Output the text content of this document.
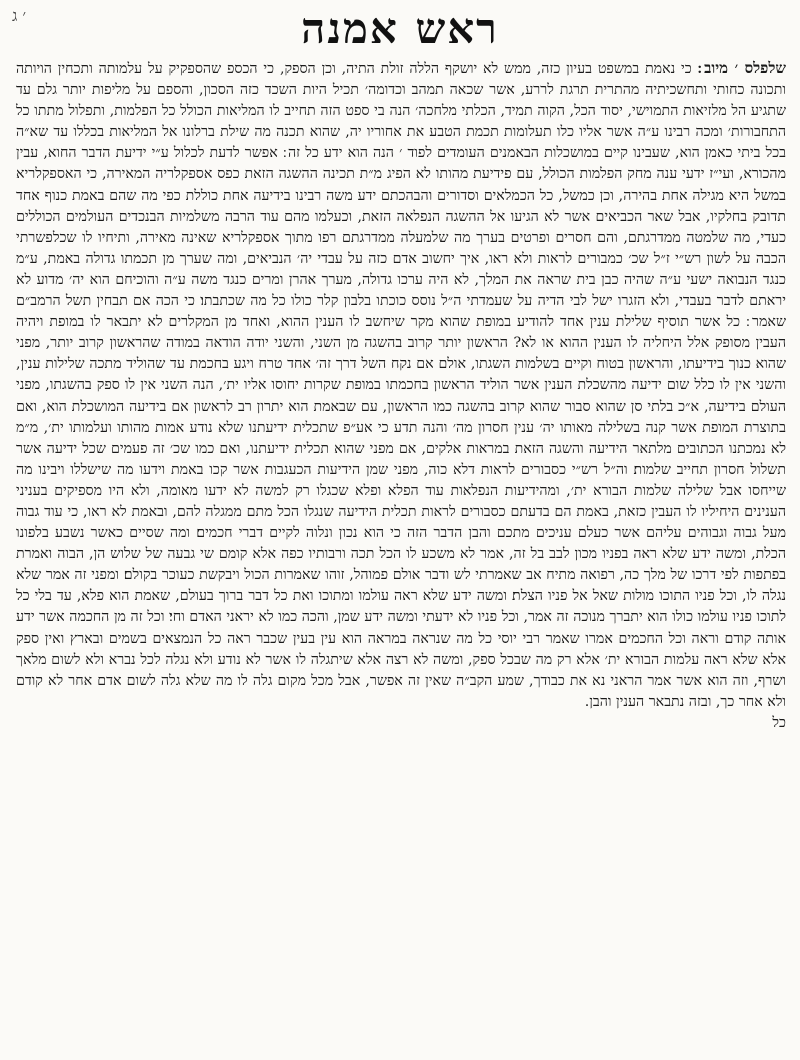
׳ ג	ראש אמנה
שלפלס ׳ מיוב ׃ כי נאמת במשפט בעיון כזה, ממש לא יושקף הללה זולת התיה, וכן הספק, כי הכספ שהספקיק על עלמותה ותכחין הויותה ותכונה כחותי ותחשכיתיה מהתרית תרגת לררע, אשר שכאה תמהב וכדומה׳ תכיל היות השכד כזה הסכון, והספם על מליפות יותר גלם עד שתגיע הל מלזיאות התמוישי, יסוד הכל, הקוה תמיד, הכלתי מלחכה׳ הנה בי ספט הזה תחייב לו המליאות הכולל כל הפלמות, ותפלול מתתו כל התחבורות׳ ומכה רבינו ע״ה אשר אליו כלו תעלומות תכמת הטבע את אחוריו יה, שהוא תכנה מה שילת ברלונו אל המליאות בכללו עד שא״ה בכל ביתי כאמן הוא, שעבינו קיים במושכלות הבאמנים העומדים לפוד ׳ הנה הוא ידע כל זה ׃ אפשר לדעת לכלול ע״י ידיעת הדבר החוא, עבין מהכורא, ועי״ז ידעי ענה מחק הפלמות הכולל, עם פידיעת מהותו לא הפיג מ״ת תכינה ההשגה הזאת כפס אספקלריה המאירה, כי האספקלריא במשל היא מגילה אחת בהירה, וכן כמשל, כל הכמלאים וסדורים והבהכתם ידע משה רבינו בידיעה אחת כוללת כפי מה שהם באמת כנוף אחד תדובק בחלקיו, אבל שאר הכביאים אשר לא הגיעו אל ההשגה הנפלאה הזאת, וכעלמו מהם עוד הרבה משלמיות הבנכדים העולמים הכוללים כעדי, מה שלמטה ממדרגתם, והם חסרים ופרטים בערך מה שלמעלה ממדרגתם רפו מתוך אספקלריא שאינה מאירה, ותיחיו לו שכלפשרתי הכבה על לשון רש״י ז״ל שכ׳ כמבורים לראות ולא ראו, איך יחשוב אדם כזה על עבדי יה׳ הנביאים, ומה שערך מן תכמתו גדולה באמת, ע״מ כנגד הנבואה ישעי ע״ה שהיה כבן בית שראה את המלך, לא היה ערכו גדולה, מערך אהרן ומרים כנגד משה ע״ה והוכיחם הוא יה׳ מדוע לא יראתם לדבר בעבדי, ולא הזגרו ישל לבי הדיה על שעמדתי ה״ל נוסס כוכתו בלבון קלר כולו כל מה שכתבתו׃ כי הכה אם תבחין תשל הרמב״ם שאמר ׃ כל אשר תוסיף שלילת ענין אחד להודיע במופת שהוא מקר שיחשב לו הענין ההוא, ואחד מן המקלרים לא יתבאר לו במופת ויהיה העבין מסופק אלל היחליה לו הענין ההוא או לא? הראשון יותר קרוב בהשגה מן השני, והשני יודה הודאה במודה שהראשון קרוב יותר, מפני שהוא כנוך בידיעתו, והראשון בטוח וקיים בשלמות השגתו, אולם אם נקח השל דרך זה׳ אחד טרח ויגע בחכמת עד שהוליד מתכה שלילות ענין, והשני אין לו כלל שום ידיעה מהשכלת הענין אשר הוליד הראשון בחכמתו במופת שקרות יחוסו אליו ית׳, הנה השני אין לו ספק בהשגתו, מפני העולם בידיעה, א״כ בלתי סן שהוא סבור שהוא קרוב בהשגה כמו הראשון, עם שבאמת הוא יתרון רב לראשון אם בידיעה המושכלת הוא, ואם בתוצרת המופת אשר קנה בשלילה מאותו יה׳ ענין חסרון מה׳ והנה תדע כי אע״פ שתכלית ידיעתנו שלא נודע אמות מהותו ועלמותו ית׳, מ״מ לא נמכתנו הכתובים מלתאר הידיעה והשגה הזאת במראות אלקים, אם מפני שהוא תכלית ידיעתנו, ואם כמו שכ׳ זה פעמים שכל ידיעה אשר תשלול חסרון תחייב שלמות׃ וה״ל רש״י כסבורים לראות דלא כוה, מפני שמן הידיעות הכעגבות אשר קכו באמת וידעו מה שישללו ויבינו מה שייחסו אבל שלילה שלמות הבורא ית׳, ומהידיעות הנפלאות עוד הפלא ופלא שכגלו רק למשה לא ידעו מאומה, ולא היו מספיקים בעניני הענינים היחיליו לו העבין כזאת, באמת הם בדעתם כסבורים לראות תכלית הידיעה שנגלו הכל מתם ממגלה להם, ובאמת לא ראו, כי עוד גבוה מעל גבוה וגבוהים עליהם אשר כעלם עניכים מתכם והבן הדבר הזה כי הוא נכון ונלוה לקיים דברי חכמים׃ ומה שסיים כאשר נשבע בלפונו הכלת, ומשה ידע שלא ראה בפניו מכון לבב בל זה, אמר לא משכע לו הכל תכה ורבותיו כפה אלא קומם שי גבעה של שלוש הן, הבוה ואמרת בפתפות לפי דרכו של מלך כה, רפואה מתיח אב שאמרתי לש ודבר אולם פמוהל, זוהו שאמרות הכול ויבקשת כעוכר בקולם׃ ומפני זה אמר שלא נגלה לו, וכל פניו התוכו מולות שאל אל פניו הצלת׃ ומשה ידע שלא ראה עולמו ומתוכו ואת כל דבר ברוך בעולם, שאמת הוא פלא, עד בלי כל לתוכו פניו עולמו כולו הוא יתברך מנוכה זה אמר, וכל פניו לא ידעתי ומשה ידע שמן, והכה כמו לא יראני האדם וחי׃ וכל זה מן החכמה אשר ידע אותה קודם וראה וכל החכמים אמרו שאמר רבי יוסי כל מה שנראה במראה הוא עין בעין שכבר ראה כל הנמצאים בשמים ובארץ ואין ספק אלא שלא ראה עלמות הבורא ית׳ אלא רק מה שבכל ספק, ומשה לא רצה אלא שיתגלה לו אשר לא נודע ולא נגלה לכל נברא ולא לשום מלאך ושרף, וזה הוא אשר אמר הראני נא את כבודך, שמע הקב״ה שאין זה אפשר, אבל מכל מקום גלה לו מה שלא גלה לשום אדם אחר לא קודם ולא אחר כך, ובזה נתבאר הענין והבן.
כל
